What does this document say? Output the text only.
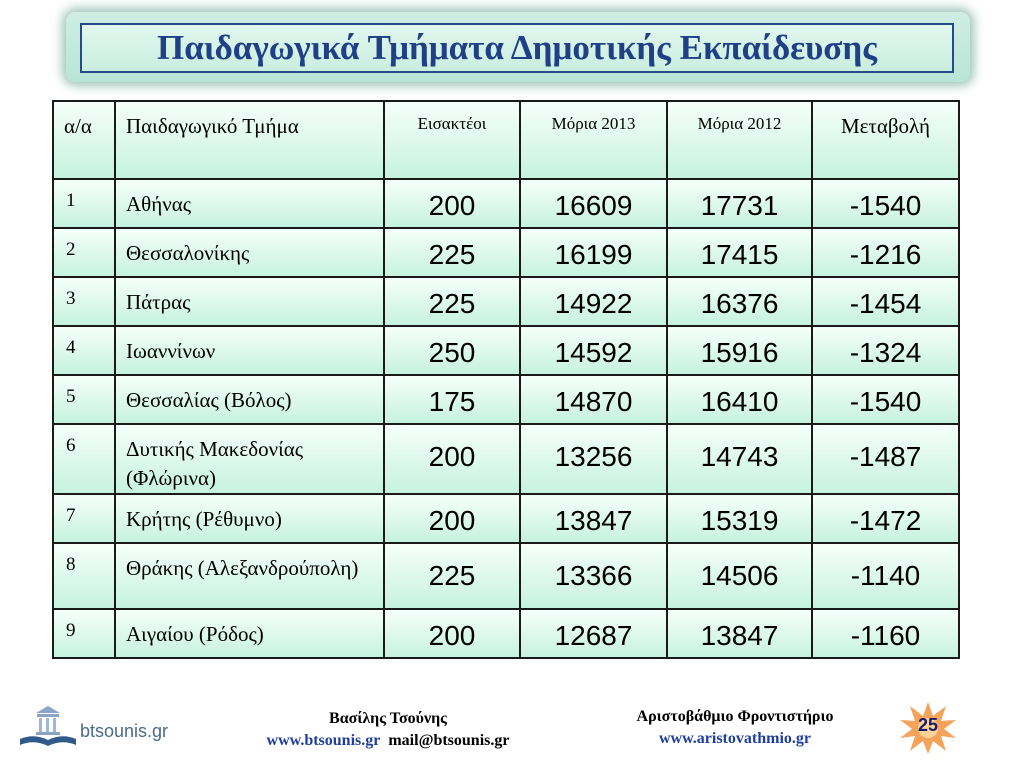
Παιδαγωγικά Τμήματα Δημοτικής Εκπαίδευσης
α/α	Παιδαγωγικό Τμήμα	Εισακτέοι	Μόρια 2013	Μόρια 2012	Μεταβολή

1	Αθήνας	200	16609	17731	-1540

2	Θεσσαλονίκης	225	16199	17415	-1216

3	Πάτρας	225	14922	16376	-1454

4	Ιωαννίνων	250	14592	15916	-1324

5	Θεσσαλίας (Βόλος)	175	14870	16410	-1540

6	Δυτικής Μακεδονίας (Φλώρινα)	200	13256	14743	-1487

7	Κρήτης (Ρέθυμνο)	200	13847	15319	-1472

8	Θράκης (Αλεξανδρούπολη)	225	13366	14506	-1140

9	Αιγαίου (Ρόδος)	200	12687	13847	-1160
btsounis.gr
Βασίλης Τσούνης
www.btsounis.gr mail@btsounis.gr
Αριστοβάθμιο Φροντιστήριο
www.aristovathmio.gr
25
